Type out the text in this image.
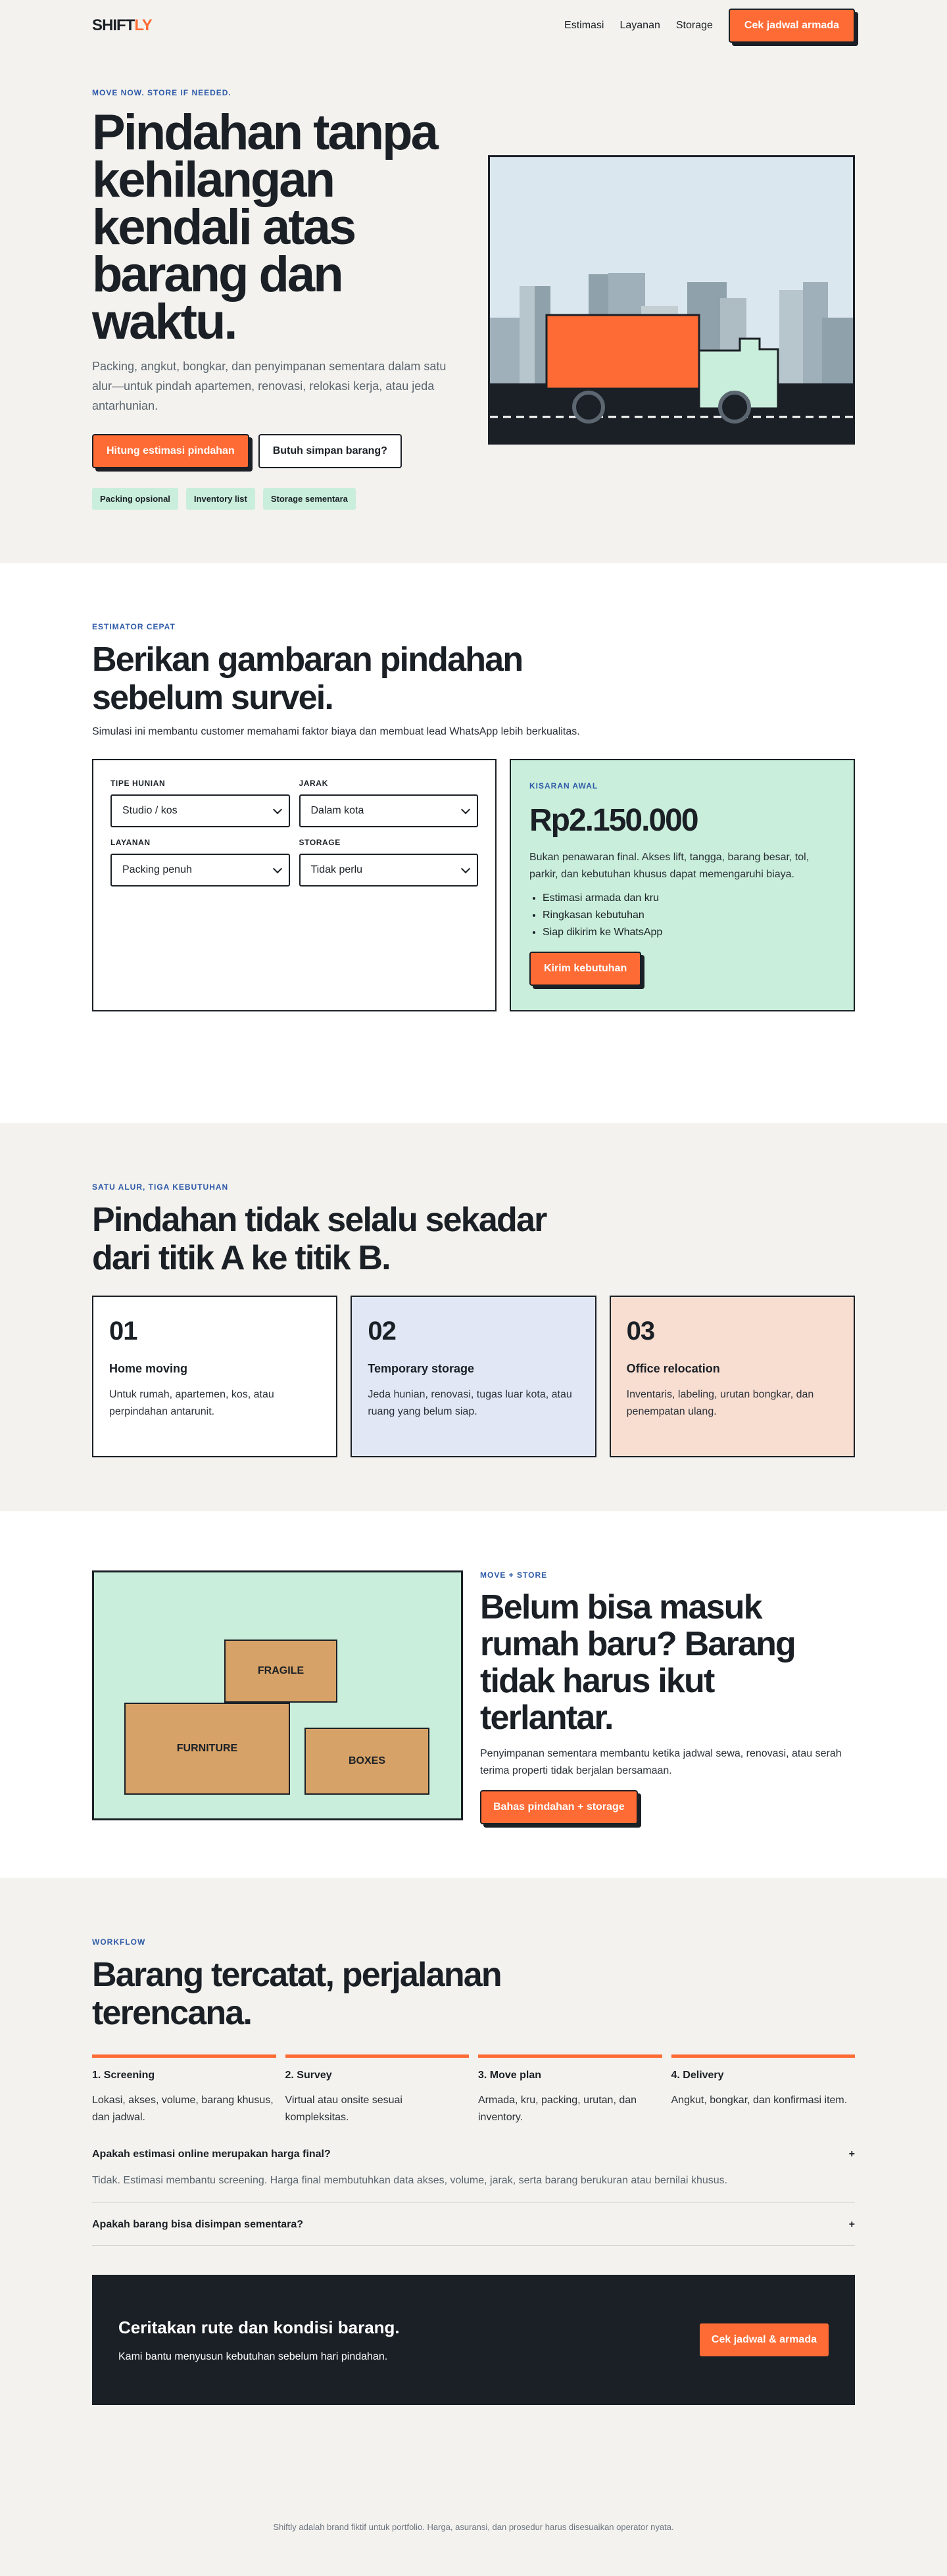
SHIFTLY	Estimasi Layanan Storage	Cek jadwal armada
MOVE NOW. STORE IF NEEDED.
Pindahan tanpa kehilangan kendali atas barang dan waktu.

Packing, angkut, bongkar, dan penyimpanan sementara dalam satu alur—untuk pindah apartemen, renovasi, relokasi kerja, atau jeda antarhunian.

Hitung estimasi pindahan	Butuh simpan barang?
Packing opsional	Inventory list	Storage sementara
ESTIMATOR CEPAT
Berikan gambaran pindahan sebelum survei.

Simulasi ini membantu customer memahami faktor biaya dan membuat lead WhatsApp lebih berkualitas.

TIPE HUNIAN
Studio / kos
JARAK
Dalam kota
LAYANAN
Packing penuh
STORAGE
Tidak perlu
KISARAN AWAL
Rp2.150.000

Bukan penawaran final. Akses lift, tangga, barang besar, tol, parkir, dan kebutuhan khusus dapat memengaruhi biaya.

• Estimasi armada dan kru
• Ringkasan kebutuhan
• Siap dikirim ke WhatsApp
Kirim kebutuhan
SATU ALUR, TIGA KEBUTUHAN
Pindahan tidak selalu sekadar dari titik A ke titik B.
01
Home moving

Untuk rumah, apartemen, kos, atau perpindahan antarunit.

02
Temporary storage

Jeda hunian, renovasi, tugas luar kota, atau ruang yang belum siap.

03
Office relocation

Inventaris, labeling, urutan bongkar, dan penempatan ulang.

FRAGILE
FURNITURE
BOXES
MOVE + STORE
Belum bisa masuk rumah baru? Barang tidak harus ikut terlantar.

Penyimpanan sementara membantu ketika jadwal sewa, renovasi, atau serah terima properti tidak berjalan bersamaan.

Bahas pindahan + storage
WORKFLOW
Barang tercatat, perjalanan terencana.
1. Screening

Lokasi, akses, volume, barang khusus, dan jadwal.

2. Survey

Virtual atau onsite sesuai kompleksitas.

3. Move plan

Armada, kru, packing, urutan, dan inventory.

4. Delivery

Angkut, bongkar, dan konfirmasi item.

Apakah estimasi online merupakan harga final?	+
Tidak. Estimasi membantu screening. Harga final membutuhkan data akses, volume, jarak, serta barang berukuran atau bernilai khusus.
Apakah barang bisa disimpan sementara?	+
Ceritakan rute dan kondisi barang.

Kami bantu menyusun kebutuhan sebelum hari pindahan.

Cek jadwal & armada
Shiftly adalah brand fiktif untuk portfolio. Harga, asuransi, dan prosedur harus disesuaikan operator nyata.
